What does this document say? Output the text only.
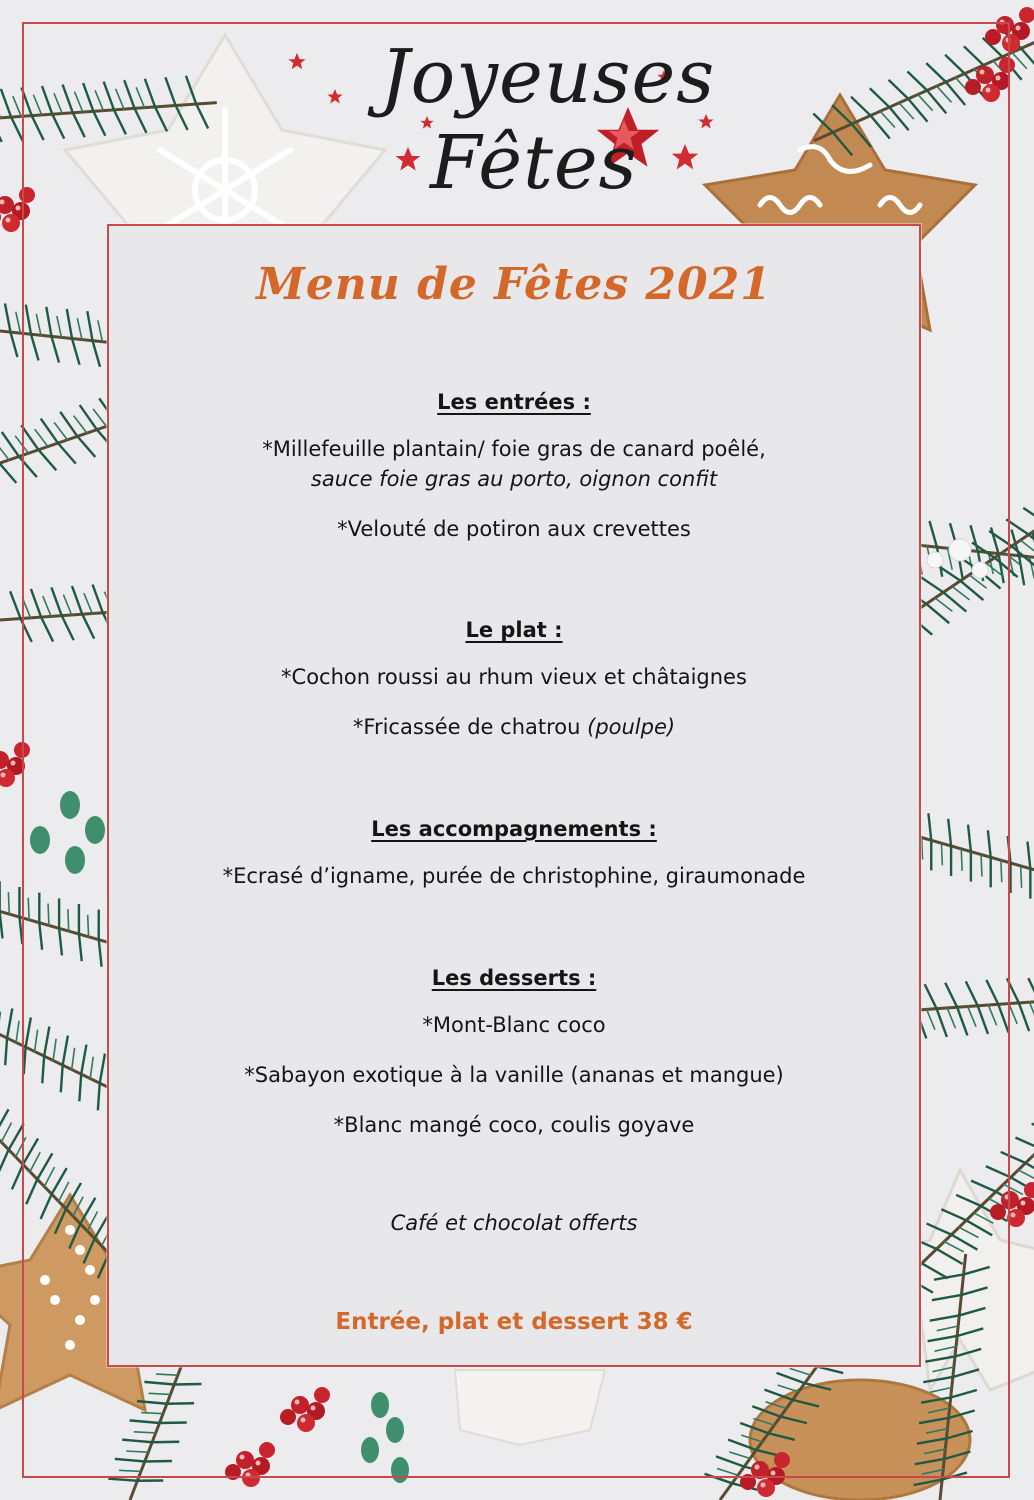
Joyeuses
Fêtes
Menu de Fêtes 2021
Les entrées :
*Millefeuille plantain/ foie gras de canard poêlé,
sauce foie gras au porto, oignon confit
*Velouté de potiron aux crevettes
Le plat :
*Cochon roussi au rhum vieux et châtaignes
*Fricassée de chatrou (poulpe)
Les accompagnements :
*Ecrasé d’igname, purée de christophine, giraumonade
Les desserts :
*Mont-Blanc coco
*Sabayon exotique à la vanille (ananas et mangue)
*Blanc mangé coco, coulis goyave
Café et chocolat offerts
Entrée, plat et dessert 38 €
